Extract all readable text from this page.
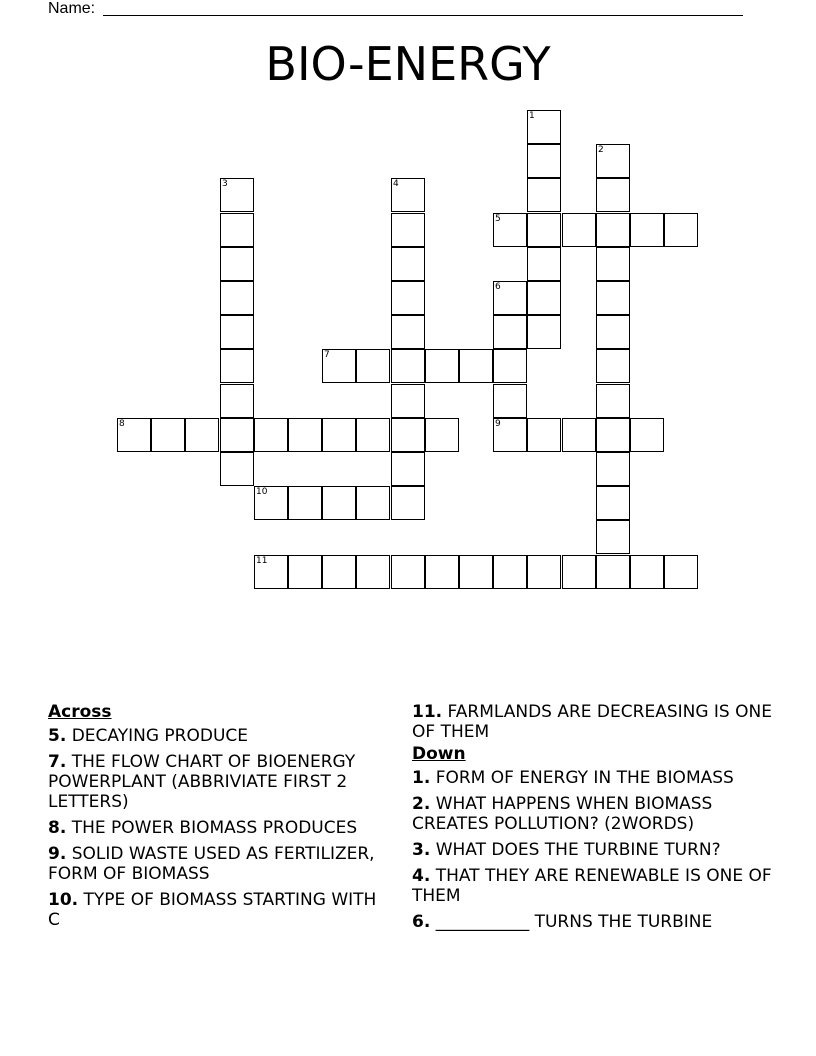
Name:
BIO-ENERGY
1
2
3	4
5
6
7
8	9
10
11
Across
5. DECAYING PRODUCE
7. THE FLOW CHART OF BIOENERGY POWERPLANT (ABBRIVIATE FIRST 2 LETTERS)
8. THE POWER BIOMASS PRODUCES
9. SOLID WASTE USED AS FERTILIZER, FORM OF BIOMASS
10. TYPE OF BIOMASS STARTING WITH C
11. FARMLANDS ARE DECREASING IS ONE OF THEM
Down
1. FORM OF ENERGY IN THE BIOMASS
2. WHAT HAPPENS WHEN BIOMASS CREATES POLLUTION? (2WORDS)
3. WHAT DOES THE TURBINE TURN?
4. THAT THEY ARE RENEWABLE IS ONE OF THEM
6. ___________ TURNS THE TURBINE
